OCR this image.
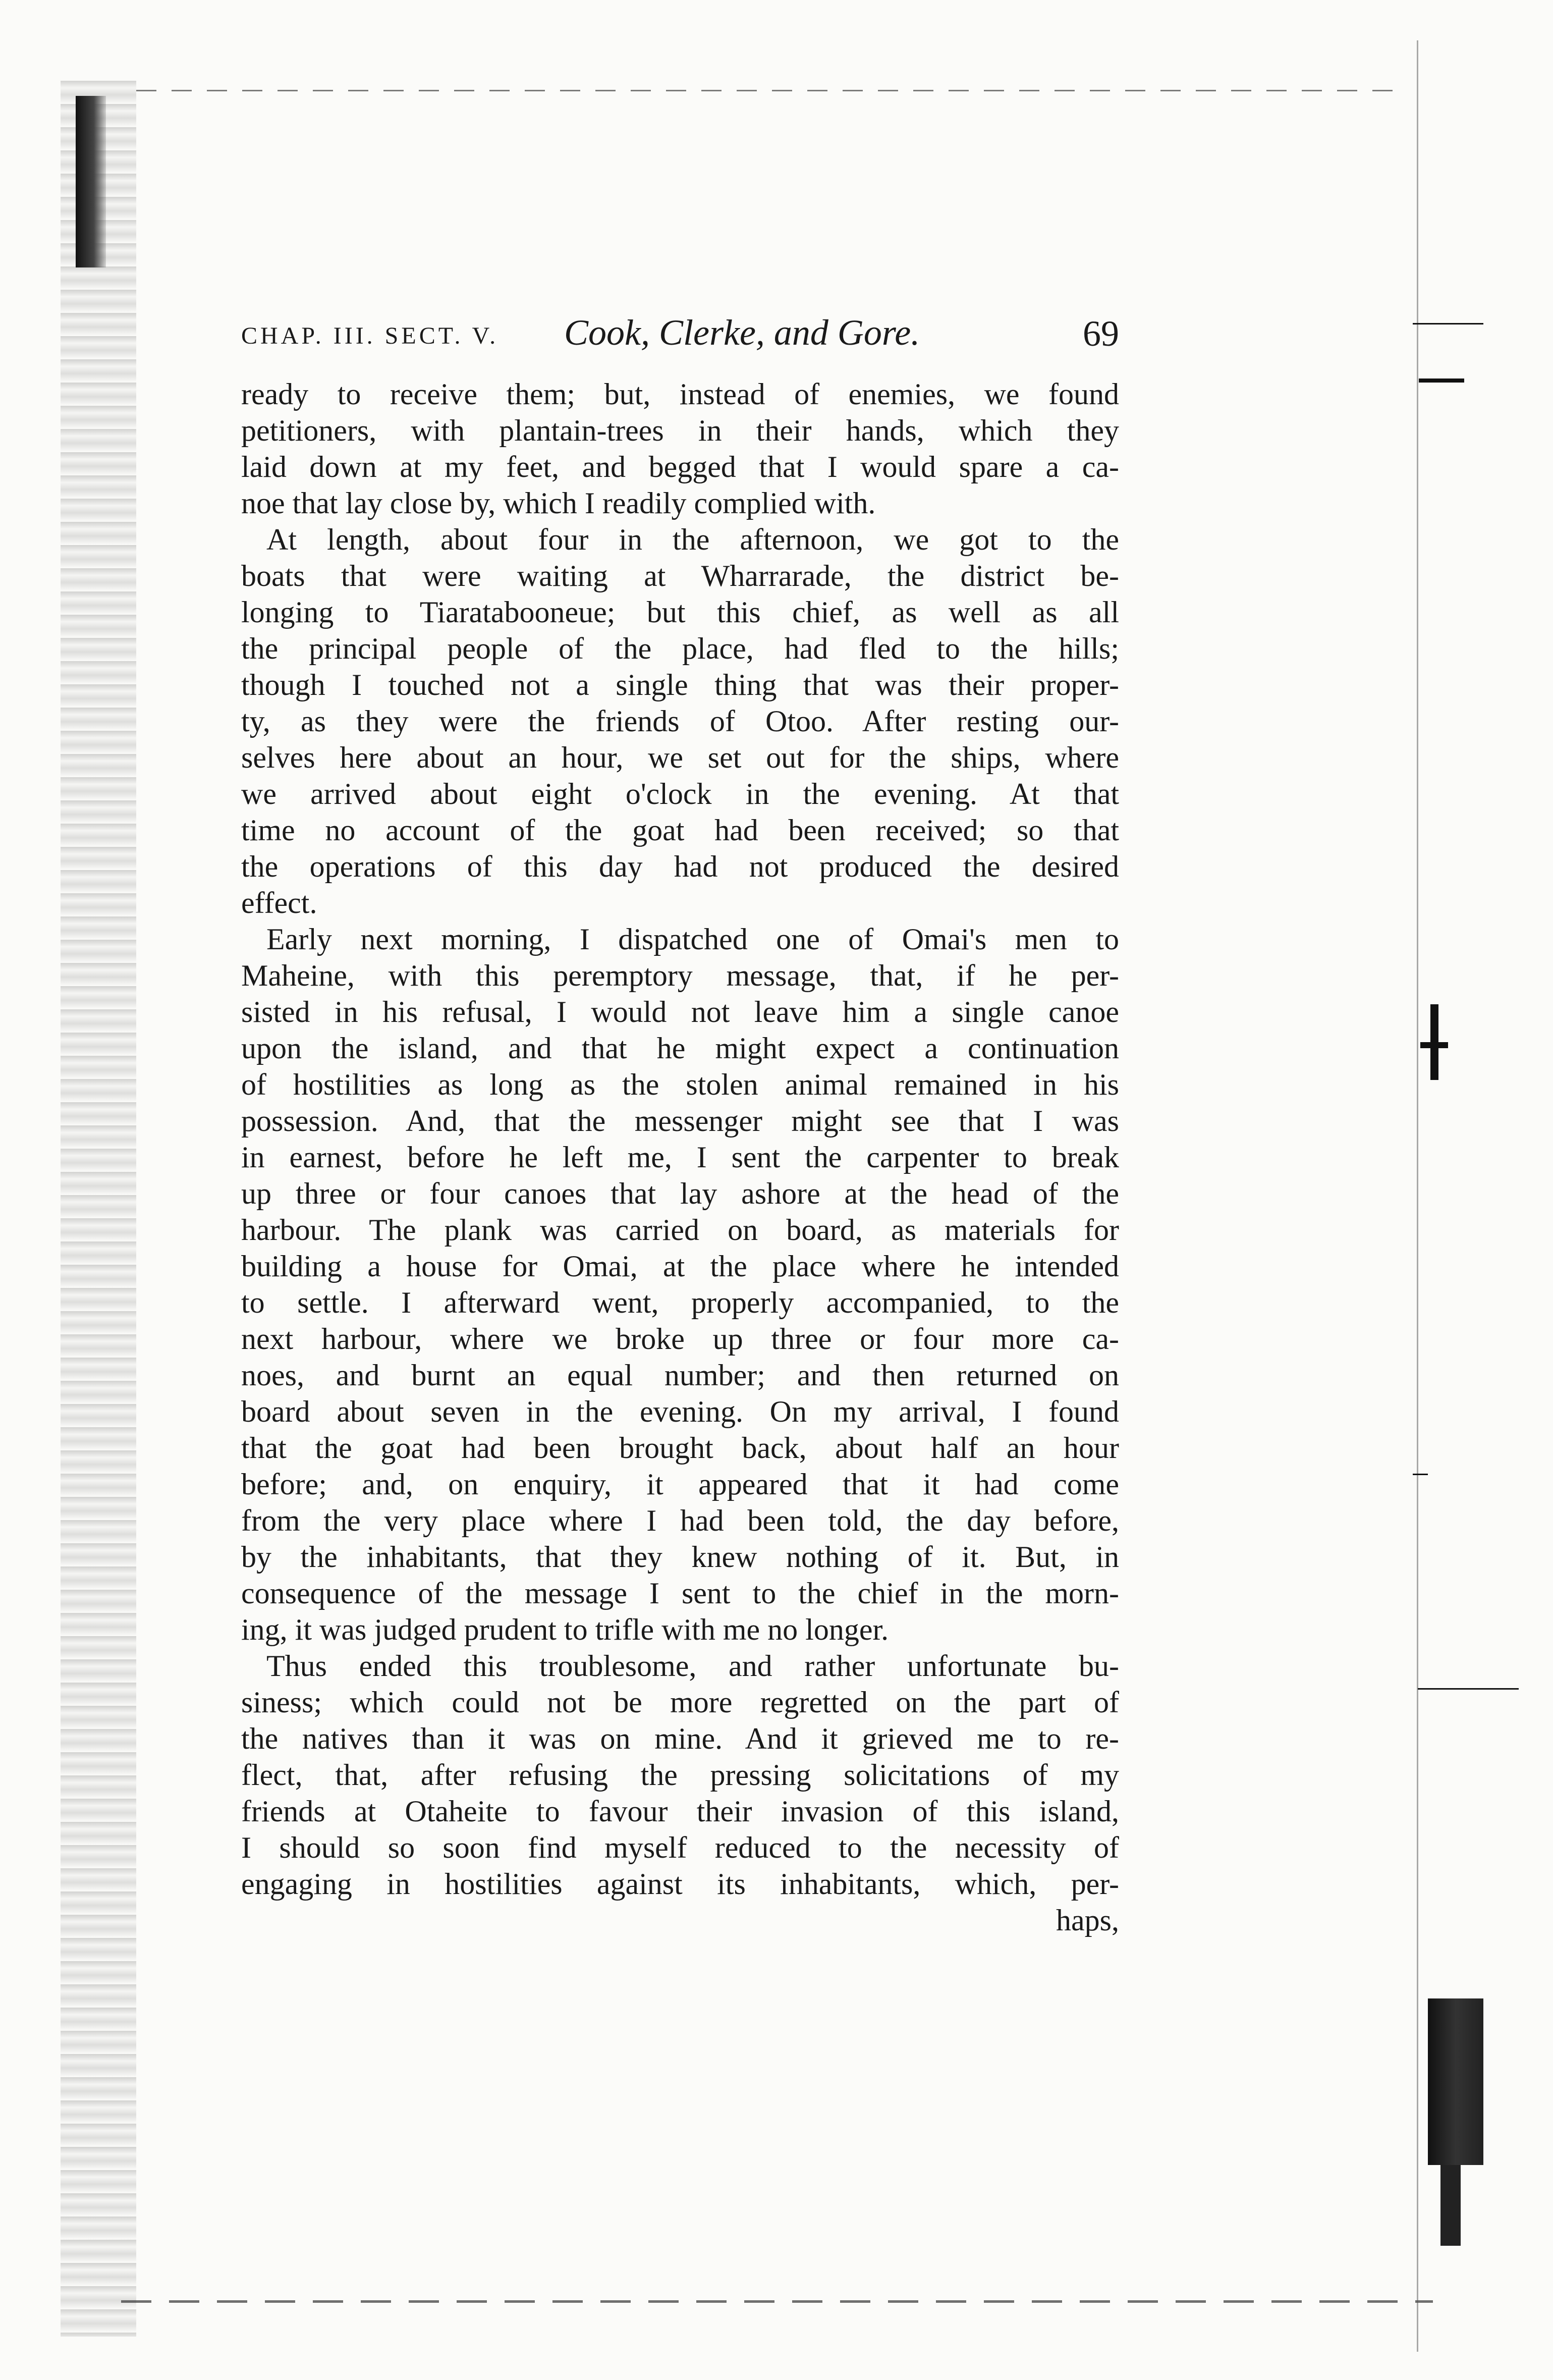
CHAP. III. SECT. V. Cook, Clerke, and Gore.	69
ready to receive them; but, instead of enemies, we found
petitioners, with plantain-trees in their hands, which they
laid down at my feet, and begged that I would spare a ca-
noe that lay close by, which I readily complied with.
At length, about four in the afternoon, we got to the
boats that were waiting at Wharrarade, the district be-
longing to Tiaratabooneue; but this chief, as well as all
the principal people of the place, had fled to the hills;
though I touched not a single thing that was their proper-
ty, as they were the friends of Otoo. After resting our-
selves here about an hour, we set out for the ships, where
we arrived about eight o'clock in the evening. At that
time no account of the goat had been received; so that
the operations of this day had not produced the desired
effect.
Early next morning, I dispatched one of Omai's men to
Maheine, with this peremptory message, that, if he per-
sisted in his refusal, I would not leave him a single canoe
upon the island, and that he might expect a continuation
of hostilities as long as the stolen animal remained in his
possession. And, that the messenger might see that I was
in earnest, before he left me, I sent the carpenter to break
up three or four canoes that lay ashore at the head of the
harbour. The plank was carried on board, as materials for
building a house for Omai, at the place where he intended
to settle. I afterward went, properly accompanied, to the
next harbour, where we broke up three or four more ca-
noes, and burnt an equal number; and then returned on
board about seven in the evening. On my arrival, I found
that the goat had been brought back, about half an hour
before; and, on enquiry, it appeared that it had come
from the very place where I had been told, the day before,
by the inhabitants, that they knew nothing of it. But, in
consequence of the message I sent to the chief in the morn-
ing, it was judged prudent to trifle with me no longer.
Thus ended this troublesome, and rather unfortunate bu-
siness; which could not be more regretted on the part of
the natives than it was on mine. And it grieved me to re-
flect, that, after refusing the pressing solicitations of my
friends at Otaheite to favour their invasion of this island,
I should so soon find myself reduced to the necessity of
engaging in hostilities against its inhabitants, which, per-
haps,
